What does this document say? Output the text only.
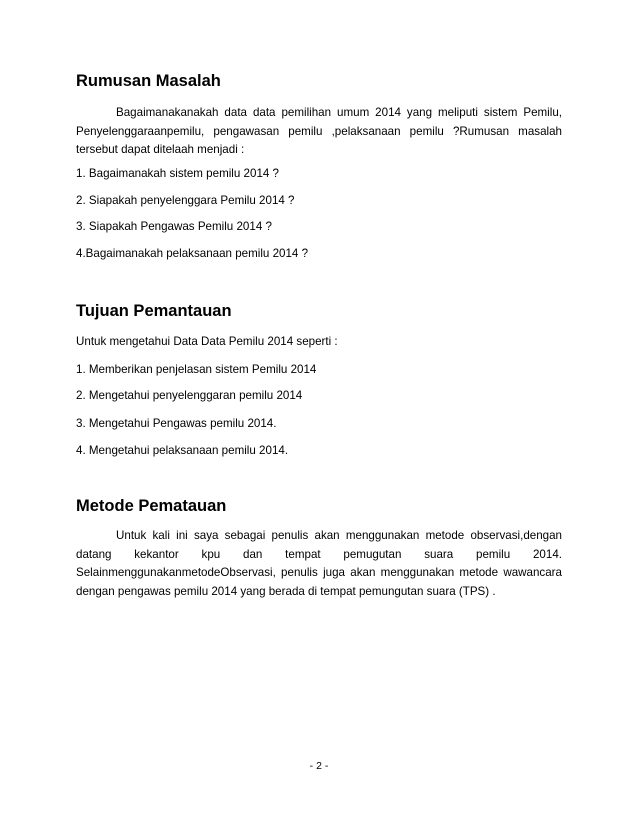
Rumusan Masalah

Bagaimanakanakah data data pemilihan umum 2014 yang meliputi sistem Pemilu, Penyelenggaraanpemilu, pengawasan pemilu ,pelaksanaan pemilu ?Rumusan masalah tersebut dapat ditelaah menjadi :

1. Bagaimanakah sistem pemilu 2014 ?

2. Siapakah penyelenggara Pemilu 2014 ?

3. Siapakah Pengawas Pemilu 2014 ?

4.Bagaimanakah pelaksanaan pemilu 2014 ?

Tujuan Pemantauan

Untuk mengetahui Data Data Pemilu 2014 seperti :

1. Memberikan penjelasan sistem Pemilu 2014

2. Mengetahui penyelenggaran pemilu 2014

3. Mengetahui Pengawas pemilu 2014.

4. Mengetahui pelaksanaan pemilu 2014.

Metode Pematauan

Untuk kali ini saya sebagai penulis akan menggunakan metode observasi,dengan datang kekantor kpu dan tempat pemugutan suara pemilu 2014. SelainmenggunakanmetodeObservasi, penulis juga akan menggunakan metode wawancara dengan pengawas pemilu 2014 yang berada di tempat pemungutan suara (TPS) .

- 2 -
